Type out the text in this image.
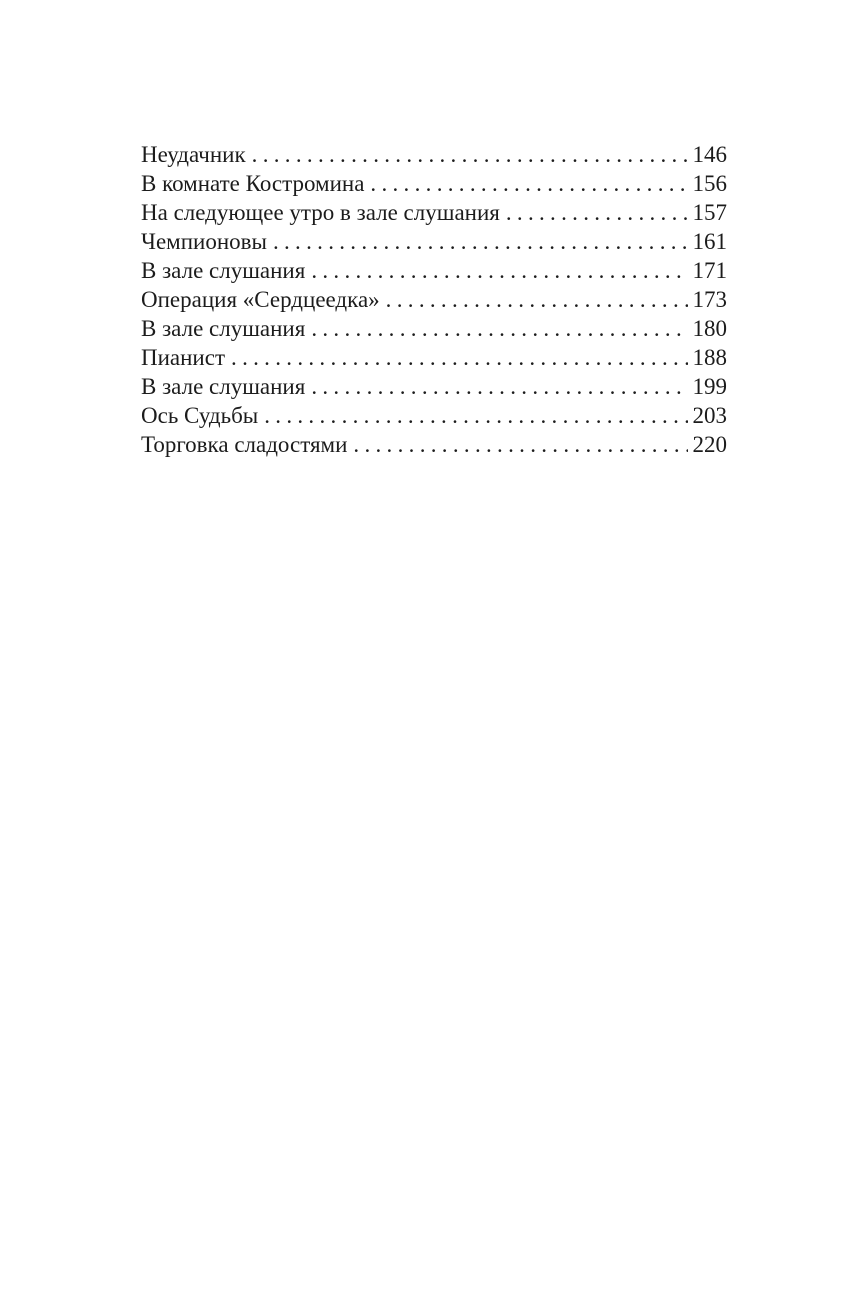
Неудачник .....	146
В комнате Костромина .....	156
На следующее утро в зале слушания .....	157
Чемпионовы .....	161
В зале слушания .....	171
Операция «Сердцеедка» .....	173
В зале слушания .....	180
Пианист .....	188
В зале слушания .....	199
Ось Судьбы .....	203
Торговка сладостями .....	220
